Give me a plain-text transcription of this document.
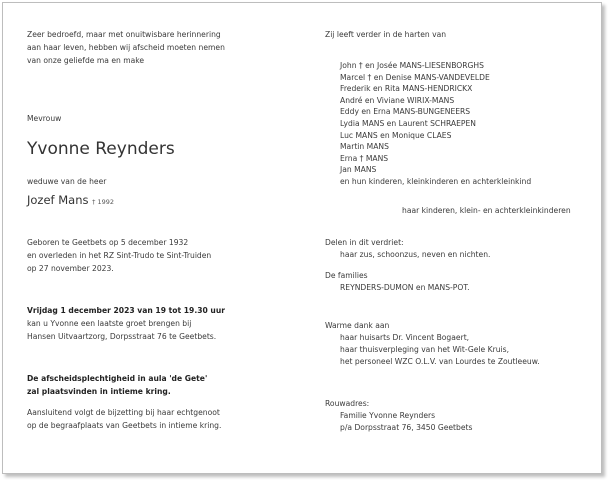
Zeer bedroefd, maar met onuitwisbare herinnering
aan haar leven, hebben wij afscheid moeten nemen
van onze geliefde ma en make
Mevrouw
Yvonne Reynders
weduwe van de heer
Jozef Mans † 1992
Geboren te Geetbets op 5 december 1932
en overleden in het RZ Sint-Trudo te Sint-Truiden
op 27 november 2023.
Vrijdag 1 december 2023 van 19 tot 19.30 uur
kan u Yvonne een laatste groet brengen bij
Hansen Uitvaartzorg, Dorpsstraat 76 te Geetbets.
De afscheidsplechtigheid in aula 'de Gete'
zal plaatsvinden in intieme kring.
Aansluitend volgt de bijzetting bij haar echtgenoot
op de begraafplaats van Geetbets in intieme kring.
Zij leeft verder in de harten van
John † en Josée MANS-LIESENBORGHS
Marcel † en Denise MANS-VANDEVELDE
Frederik en Rita MANS-HENDRICKX
André en Viviane WIRIX-MANS
Eddy en Erna MANS-BUNGENEERS
Lydia MANS en Laurent SCHRAEPEN
Luc MANS en Monique CLAES
Martin MANS
Erna † MANS
Jan MANS
en hun kinderen, kleinkinderen en achterkleinkind
haar kinderen, klein- en achterkleinkinderen
Delen in dit verdriet:
haar zus, schoonzus, neven en nichten.
De families
REYNDERS-DUMON en MANS-POT.
Warme dank aan
haar huisarts Dr. Vincent Bogaert,
haar thuisverpleging van het Wit-Gele Kruis,
het personeel WZC O.L.V. van Lourdes te Zoutleeuw.
Rouwadres:
Familie Yvonne Reynders
p/a Dorpsstraat 76, 3450 Geetbets
